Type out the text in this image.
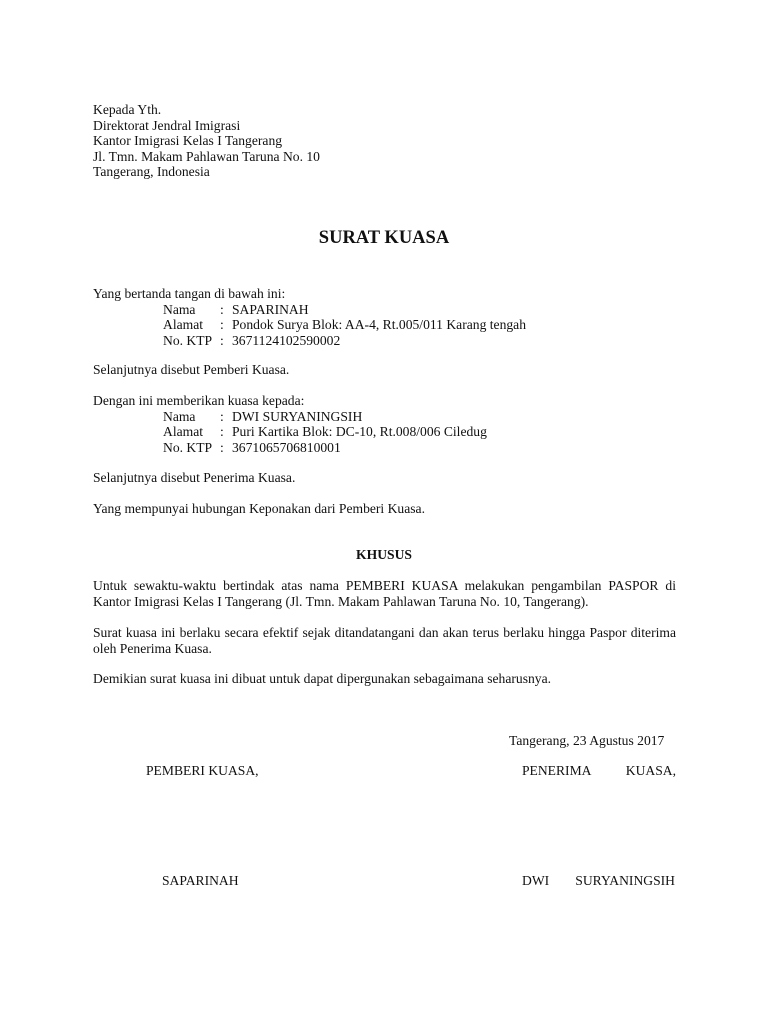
Kepada Yth.
Direktorat Jendral Imigrasi
Kantor Imigrasi Kelas I Tangerang
Jl. Tmn. Makam Pahlawan Taruna No. 10
Tangerang, Indonesia
SURAT KUASA
Yang bertanda tangan di bawah ini:
Nama : SAPARINAH
Alamat : Pondok Surya Blok: AA-4, Rt.005/011 Karang tengah
No. KTP : 3671124102590002
Selanjutnya disebut Pemberi Kuasa.
Dengan ini memberikan kuasa kepada:
Nama : DWI SURYANINGSIH
Alamat : Puri Kartika Blok: DC-10, Rt.008/006 Ciledug
No. KTP : 3671065706810001
Selanjutnya disebut Penerima Kuasa.
Yang mempunyai hubungan Keponakan dari Pemberi Kuasa.
KHUSUS
Untuk sewaktu-waktu bertindak atas nama PEMBERI KUASA melakukan pengambilan PASPOR di Kantor Imigrasi Kelas I Tangerang (Jl. Tmn. Makam Pahlawan Taruna No. 10, Tangerang).
Surat kuasa ini berlaku secara efektif sejak ditandatangani dan akan terus berlaku hingga Paspor diterima oleh Penerima Kuasa.
Demikian surat kuasa ini dibuat untuk dapat dipergunakan sebagaimana seharusnya.
Tangerang, 23 Agustus 2017
PEMBERI KUASA,	PENERIMA	KUASA,
SAPARINAH	DWI SURYANINGSIH
